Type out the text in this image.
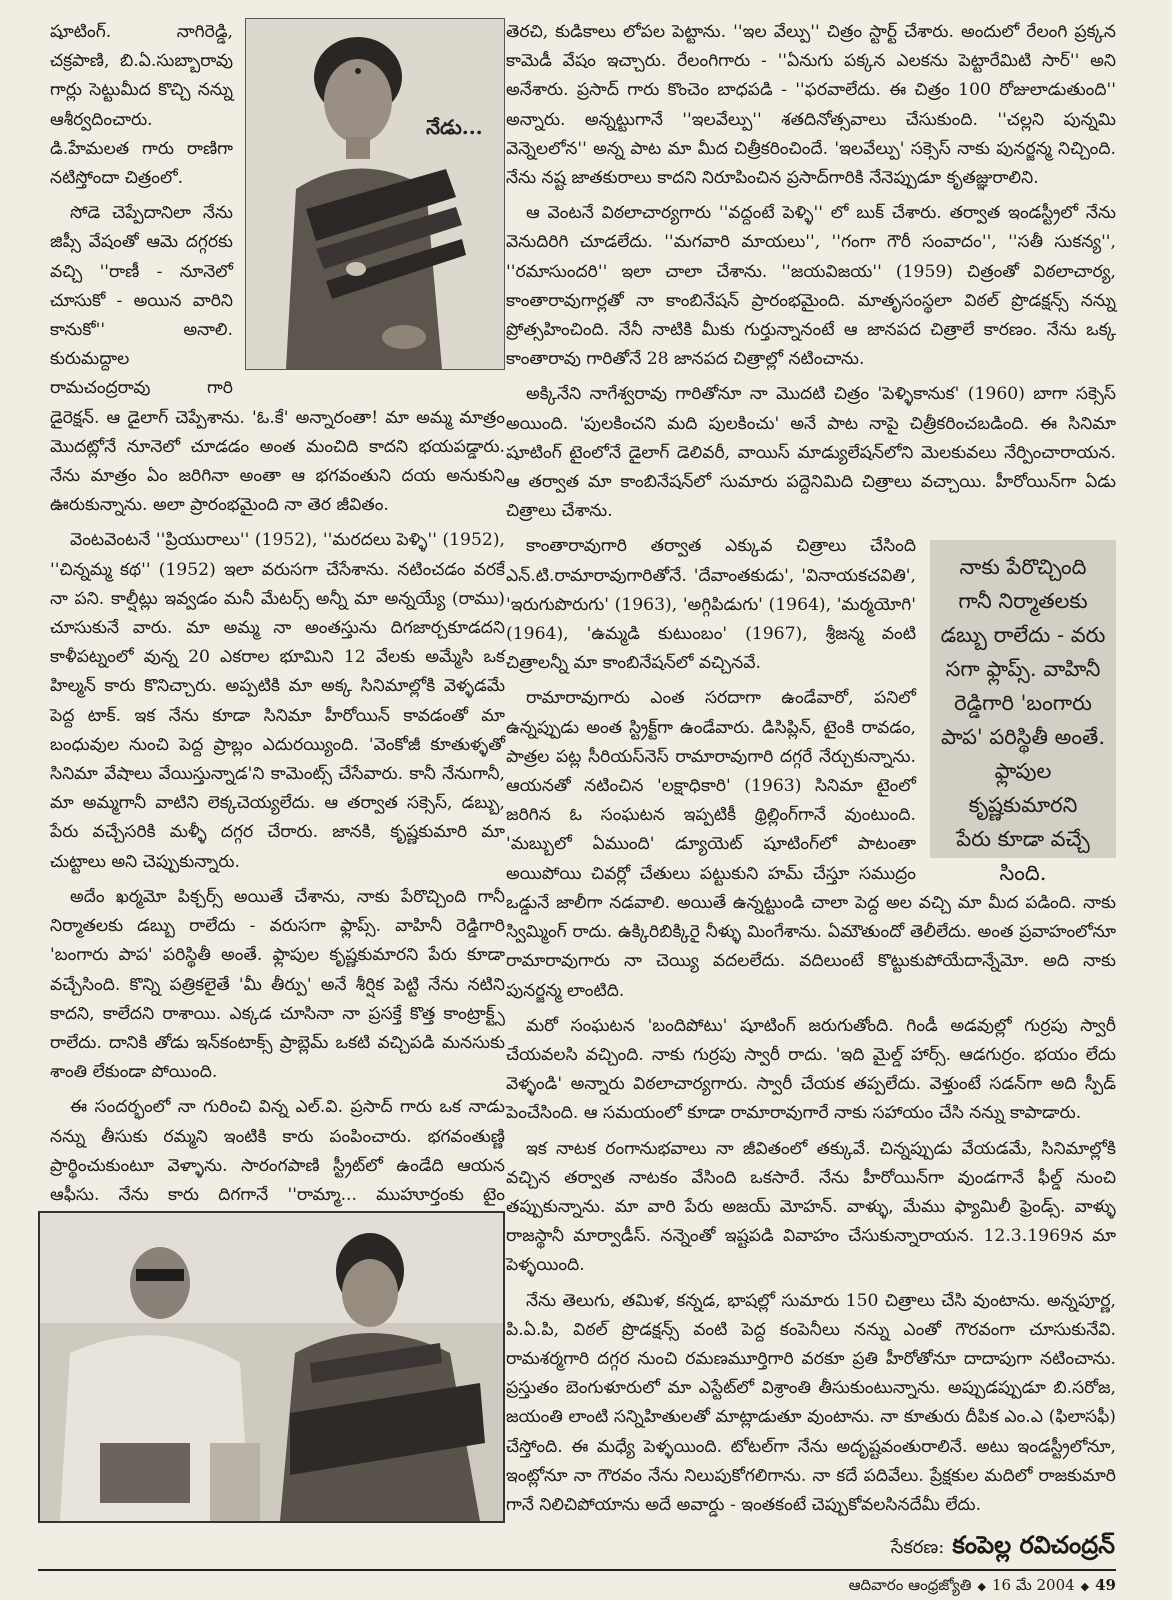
నేడు...

షూటింగ్. నాగిరెడ్డి, చక్రపాణి, బి.ఏ.సుబ్బారావు గార్లు సెట్టుమీద కొచ్చి నన్ను ఆశీర్వదించారు. డి.హేమలత గారు రాణిగా నటిస్తోందా చిత్రంలో.

సోడె చెప్పేదానిలా నేను జిప్సీ వేషంతో ఆమె దగ్గరకు వచ్చి ''రాణీ - నూనెలో చూసుకో - అయిన వారిని కానుకో'' అనాలి. కురుమద్దాల రామచంద్రరావు గారి డైరెక్షన్. ఆ డైలాగ్ చెప్పేశాను. 'ఓ.కే' అన్నారంతా! మా అమ్మ మాత్రం మొదట్లోనే నూనెలో చూడడం అంత మంచిది కాదని భయపడ్డారు. నేను మాత్రం ఏం జరిగినా అంతా ఆ భగవంతుని దయ అనుకుని ఊరుకున్నాను. అలా ప్రారంభమైంది నా తెర జీవితం.

వెంటవెంటనే ''ప్రియురాలు'' (1952), ''మరదలు పెళ్ళి'' (1952), ''చిన్నమ్మ కథ'' (1952) ఇలా వరుసగా చేసేశాను. నటించడం వరకే నా పని. కాల్షీట్లు ఇవ్వడం మనీ మేటర్స్ అన్నీ మా అన్నయ్యే (రాము) చూసుకునే వారు. మా అమ్మ నా అంతస్తును దిగజార్చకూడదని కాళీపట్నంలో వున్న 20 ఎకరాల భూమిని 12 వేలకు అమ్మేసి ఒక హిల్మన్ కారు కొనిచ్చారు. అప్పటికి మా అక్క సినిమాల్లోకి వెళ్ళడమే పెద్ద టాక్. ఇక నేను కూడా సినిమా హీరోయిన్ కావడంతో మా బంధువుల నుంచి పెద్ద ప్రాబ్లం ఎదురయ్యింది. 'వెంకోజీ కూతుళ్ళతో సినిమా వేషాలు వేయిస్తున్నాడ'ని కామెంట్స్ చేసేవారు. కానీ నేనుగానీ, మా అమ్మగానీ వాటిని లెక్కచెయ్యలేదు. ఆ తర్వాత సక్సెస్, డబ్బు, పేరు వచ్చేసరికి మళ్ళీ దగ్గర చేరారు. జానకి, కృష్ణకుమారి మా చుట్టాలు అని చెప్పుకున్నారు.

అదేం ఖర్మమో పిక్చర్స్ అయితే చేశాను, నాకు పేరొచ్చింది గానీ నిర్మాతలకు డబ్బు రాలేదు - వరుసగా ఫ్లాప్స్. వాహినీ రెడ్డిగారి 'బంగారు పాప' పరిస్థితీ అంతే. ఫ్లాపుల కృష్ణకుమారని పేరు కూడా వచ్చేసింది. కొన్ని పత్రికలైతే 'మీ తీర్పు' అనే శీర్షిక పెట్టి నేను నటిని కాదని, కాలేదని రాశాయి. ఎక్కడ చూసినా నా ప్రసక్తే కొత్త కాంట్రాక్ట్స్ రాలేదు. దానికి తోడు ఇన్‌కంటాక్స్ ప్రాబ్లెమ్ ఒకటి వచ్చిపడి మనసుకు శాంతి లేకుండా పోయింది.

ఈ సందర్భంలో నా గురించి విన్న ఎల్.వి. ప్రసాద్ గారు ఒక నాడు నన్ను తీసుకు రమ్మని ఇంటికి కారు పంపించారు. భగవంతుణ్ణి ప్రార్థించుకుంటూ వెళ్ళాను. సారంగపాణి స్ట్రీట్‌లో ఉండేది ఆయన ఆఫీసు. నేను కారు దిగగానే ''రామ్మా... ముహూర్తంకు టైం

తెరచి, కుడికాలు లోపల పెట్టాను. ''ఇల వేల్పు'' చిత్రం స్టార్ట్ చేశారు. అందులో రేలంగి ప్రక్కన కామెడీ వేషం ఇచ్చారు. రేలంగిగారు - ''ఏనుగు పక్కన ఎలకను పెట్టారేమిటి సార్'' అని అనేశారు. ప్రసాద్ గారు కొంచెం బాధపడి - ''ఫరవాలేదు. ఈ చిత్రం 100 రోజులాడుతుంది'' అన్నారు. అన్నట్టుగానే ''ఇలవేల్పు'' శతదినోత్సవాలు చేసుకుంది. ''చల్లని పున్నమి వెన్నెలలోన'' అన్న పాట మా మీద చిత్రీకరించిందే. 'ఇలవేల్పు' సక్సెస్ నాకు పునర్జన్మ నిచ్చింది. నేను నష్ట జాతకురాలు కాదని నిరూపించిన ప్రసాద్‌గారికి నేనెప్పుడూ కృతజ్ఞురాలిని.

ఆ వెంటనే విఠలాచార్యగారు ''వద్దంటే పెళ్ళి'' లో బుక్ చేశారు. తర్వాత ఇండస్ట్రీలో నేను వెనుదిరిగి చూడలేదు. ''మగవారి మాయలు'', ''గంగా గౌరీ సంవాదం'', ''సతీ సుకన్య'', ''రమాసుందరి'' ఇలా చాలా చేశాను. ''జయవిజయ'' (1959) చిత్రంతో విఠలాచార్య, కాంతారావుగార్లతో నా కాంబినేషన్ ప్రారంభమైంది. మాతృసంస్థలా విఠల్ ప్రొడక్షన్స్ నన్ను ప్రోత్సహించింది. నేనీ నాటికి మీకు గుర్తున్నానంటే ఆ జానపద చిత్రాలే కారణం. నేను ఒక్క కాంతారావు గారితోనే 28 జానపద చిత్రాల్లో నటించాను.

అక్కినేని నాగేశ్వరావు గారితోనూ నా మొదటి చిత్రం 'పెళ్ళికానుక' (1960) బాగా సక్సెస్ అయింది. 'పులకించని మది పులకించు' అనే పాట నాపై చిత్రీకరించబడింది. ఈ సినిమా షూటింగ్ టైంలోనే డైలాగ్ డెలివరీ, వాయిస్ మాడ్యులేషన్‌లోని మెలకువలు నేర్పించారాయన. ఆ తర్వాత మా కాంబినేషన్‌లో సుమారు పద్దెనిమిది చిత్రాలు వచ్చాయి. హీరోయిన్‌గా ఏడు చిత్రాలు చేశాను.

నాకు పేరొచ్చింది
గానీ నిర్మాతలకు
డబ్బు రాలేదు - వరు
సగా ఫ్లాప్స్. వాహినీ
రెడ్డిగారి 'బంగారు
పాప' పరిస్థితీ అంతే.
ఫ్లాపుల కృష్ణకుమారని
పేరు కూడా వచ్చే
సింది.

కాంతారావుగారి తర్వాత ఎక్కువ చిత్రాలు చేసింది ఎన్.టి.రామారావుగారితోనే. 'దేవాంతకుడు', 'వినాయకచవితి', 'ఇరుగుపొరుగు' (1963), 'అగ్గిపిడుగు' (1964), 'మర్మయోగి' (1964), 'ఉమ్మడి కుటుంబం' (1967), శ్రీజన్మ వంటి చిత్రాలన్నీ మా కాంబినేషన్‌లో వచ్చినవే.

రామారావుగారు ఎంత సరదాగా ఉండేవారో, పనిలో ఉన్నప్పుడు అంత స్ట్రిక్ట్‌గా ఉండేవారు. డిసిప్లిన్, టైంకి రావడం, పాత్రల పట్ల సీరియస్‌నెస్ రామారావుగారి దగ్గరే నేర్చుకున్నాను. ఆయనతో నటించిన 'లక్షాధికారి' (1963) సినిమా టైంలో జరిగిన ఓ సంఘటన ఇప్పటికీ థ్రిల్లింగ్‌గానే వుంటుంది. 'మబ్బులో ఏముంది' డ్యూయెట్ షూటింగ్‌లో పాటంతా అయిపోయి చివర్లో చేతులు పట్టుకుని హమ్ చేస్తూ సముద్రం ఒడ్డునే జాలీగా నడవాలి. అయితే ఉన్నట్టుండి చాలా పెద్ద అల వచ్చి మా మీద పడింది. నాకు స్విమ్మింగ్ రాదు. ఉక్కిరిబిక్కిరై నీళ్ళు మింగేశాను. ఏమౌతుందో తెలీలేదు. అంత ప్రవాహంలోనూ రామారావుగారు నా చెయ్యి వదలలేదు. వదిలుంటే కొట్టుకుపోయేదాన్నేమో. అది నాకు పునర్జన్మ లాంటిది.

మరో సంఘటన 'బందిపోటు' షూటింగ్ జరుగుతోంది. గిండీ అడవుల్లో గుర్రపు స్వారీ చేయవలసి వచ్చింది. నాకు గుర్రపు స్వారీ రాదు. 'ఇది మైల్డ్ హార్స్. ఆడగుర్రం. భయం లేదు వెళ్ళండి' అన్నారు విఠలాచార్యగారు. స్వారీ చేయక తప్పలేదు. వెళ్తుంటే సడన్‌గా అది స్పీడ్ పెంచేసింది. ఆ సమయంలో కూడా రామారావుగారే నాకు సహాయం చేసి నన్ను కాపాడారు.

ఇక నాటక రంగానుభవాలు నా జీవితంలో తక్కువే. చిన్నప్పుడు వేయడమే, సినిమాల్లోకి వచ్చిన తర్వాత నాటకం వేసింది ఒకసారే. నేను హీరోయిన్‌గా వుండగానే ఫీల్డ్ నుంచి తప్పుకున్నాను. మా వారి పేరు అజయ్ మోహన్. వాళ్ళు, మేము ఫ్యామిలీ ఫ్రెండ్స్. వాళ్ళు రాజస్థానీ మార్వాడీస్. నన్నెంతో ఇష్టపడి వివాహం చేసుకున్నారాయన. 12.3.1969న మా పెళ్ళయింది.

నేను తెలుగు, తమిళ, కన్నడ, భాషల్లో సుమారు 150 చిత్రాలు చేసి వుంటాను. అన్నపూర్ణ, పి.ఏ.పి, విఠల్ ప్రొడక్షన్స్ వంటి పెద్ద కంపెనీలు నన్ను ఎంతో గౌరవంగా చూసుకునేవి. రామశర్మగారి దగ్గర నుంచి రమణమూర్తిగారి వరకూ ప్రతి హీరోతోనూ దాదాపుగా నటించాను. ప్రస్తుతం బెంగుళూరులో మా ఎస్టేట్‌లో విశ్రాంతి తీసుకుంటున్నాను. అప్పుడప్పుడూ బి.సరోజ, జయంతి లాంటి సన్నిహితులతో మాట్లాడుతూ వుంటాను. నా కూతురు దీపిక ఎం.ఎ (ఫిలాసఫీ) చేస్తోంది. ఈ మధ్యే పెళ్ళయింది. టోటల్‌గా నేను అదృష్టవంతురాలినే. అటు ఇండస్ట్రీలోనూ, ఇంట్లోనూ నా గౌరవం నేను నిలుపుకోగలిగాను. నా కదే పదివేలు. ప్రేక్షకుల మదిలో రాజకుమారి గానే నిలిచిపోయాను అదే అవార్డు - ఇంతకంటే చెప్పుకోవలసినదేమీ లేదు.

సేకరణ: కంపెల్ల రవిచంద్రన్
ఆదివారం ఆంధ్రజ్యోతి ◆ 16 మే 2004 ◆ 49
